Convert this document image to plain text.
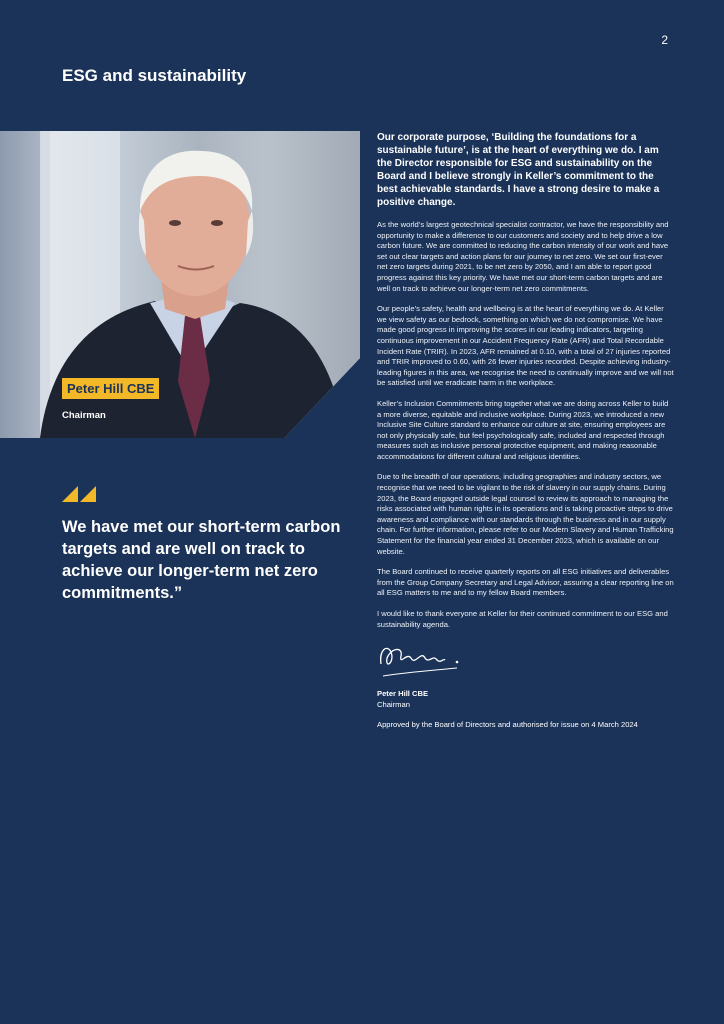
2
ESG and sustainability
Peter Hill CBE
Chairman

We have met our short-term carbon targets and are well on track to achieve our longer-term net zero commitments.”

Our corporate purpose, ‘Building the foundations for a sustainable future’, is at the heart of everything we do. I am the Director responsible for ESG and sustainability on the Board and I believe strongly in Keller’s commitment to the best achievable standards. I have a strong desire to make a positive change.

As the world’s largest geotechnical specialist contractor, we have the responsibility and opportunity to make a difference to our customers and society and to help drive a low carbon future. We are committed to reducing the carbon intensity of our work and have set out clear targets and action plans for our journey to net zero. We set our first-ever net zero targets during 2021, to be net zero by 2050, and I am able to report good progress against this key priority. We have met our short-term carbon targets and are well on track to achieve our longer-term net zero commitments.

Our people’s safety, health and wellbeing is at the heart of everything we do. At Keller we view safety as our bedrock, something on which we do not compromise. We have made good progress in improving the scores in our leading indicators, targeting continuous improvement in our Accident Frequency Rate (AFR) and Total Recordable Incident Rate (TRIR). In 2023, AFR remained at 0.10, with a total of 27 injuries reported and TRIR improved to 0.60, with 26 fewer injuries recorded. Despite achieving industry-leading figures in this area, we recognise the need to continually improve and we will not be satisfied until we eradicate harm in the workplace.

Keller’s Inclusion Commitments bring together what we are doing across Keller to build a more diverse, equitable and inclusive workplace. During 2023, we introduced a new Inclusive Site Culture standard to enhance our culture at site, ensuring employees are not only physically safe, but feel psychologically safe, included and respected through measures such as inclusive personal protective equipment, and making reasonable accommodations for different cultural and religious identities.

Due to the breadth of our operations, including geographies and industry sectors, we recognise that we need to be vigilant to the risk of slavery in our supply chains. During 2023, the Board engaged outside legal counsel to review its approach to managing the risks associated with human rights in its operations and is taking proactive steps to drive awareness and compliance with our standards through the business and in our supply chain. For further information, please refer to our Modern Slavery and Human Trafficking Statement for the financial year ended 31 December 2023, which is available on our website.

The Board continued to receive quarterly reports on all ESG initiatives and deliverables from the Group Company Secretary and Legal Advisor, assuring a clear reporting line on all ESG matters to me and to my fellow Board members.

I would like to thank everyone at Keller for their continued commitment to our ESG and sustainability agenda.

Peter Hill CBE
Chairman
Approved by the Board of Directors and authorised for issue on 4 March 2024
